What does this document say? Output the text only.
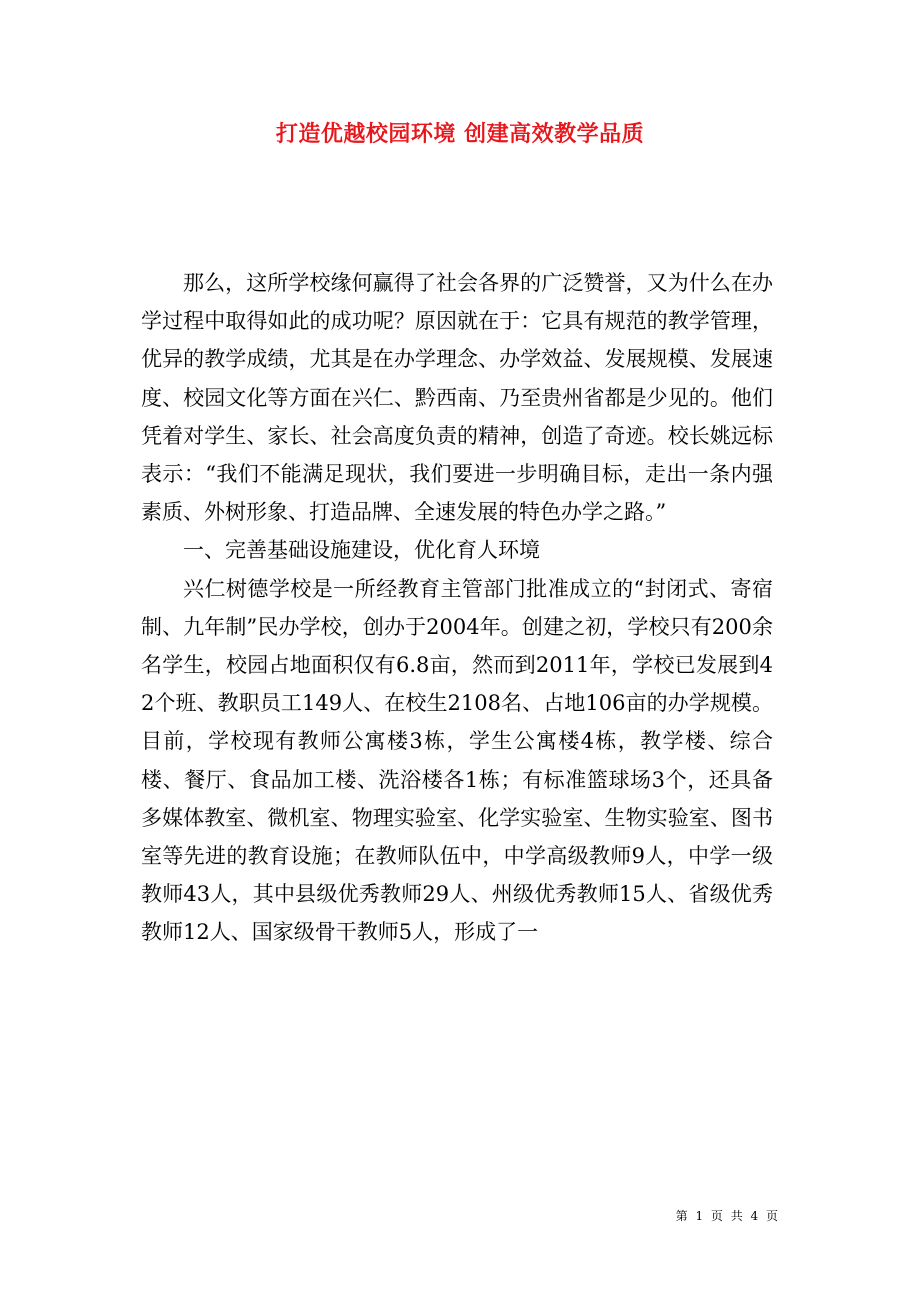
打造优越校园环境 创建高效教学品质

那么，这所学校缘何赢得了社会各界的广泛赞誉，又为什么在办学过程中取得如此的成功呢？原因就在于：它具有规范的教学管理，优异的教学成绩，尤其是在办学理念、办学效益、发展规模、发展速度、校园文化等方面在兴仁、黔西南、乃至贵州省都是少见的。他们凭着对学生、家长、社会高度负责的精神，创造了奇迹。校长姚远标表示：“我们不能满足现状，我们要进一步明确目标，走出一条内强素质、外树形象、打造品牌、全速发展的特色办学之路。”

一、完善基础设施建设，优化育人环境

兴仁树德学校是一所经教育主管部门批准成立的“封闭式、寄宿制、九年制”民办学校，创办于2004年。创建之初，学校只有200余名学生，校园占地面积仅有6.8亩，然而到2011年，学校已发展到42个班、教职员工149人、在校生2108名、占地106亩的办学规模。目前，学校现有教师公寓楼3栋，学生公寓楼4栋，教学楼、综合楼、餐厅、食品加工楼、洗浴楼各1栋；有标准篮球场3个，还具备多媒体教室、微机室、物理实验室、化学实验室、生物实验室、图书室等先进的教育设施；在教师队伍中，中学高级教师9人，中学一级教师43人，其中县级优秀教师29人、州级优秀教师15人、省级优秀教师12人、国家级骨干教师5人，形成了一

第 1 页 共 4 页
